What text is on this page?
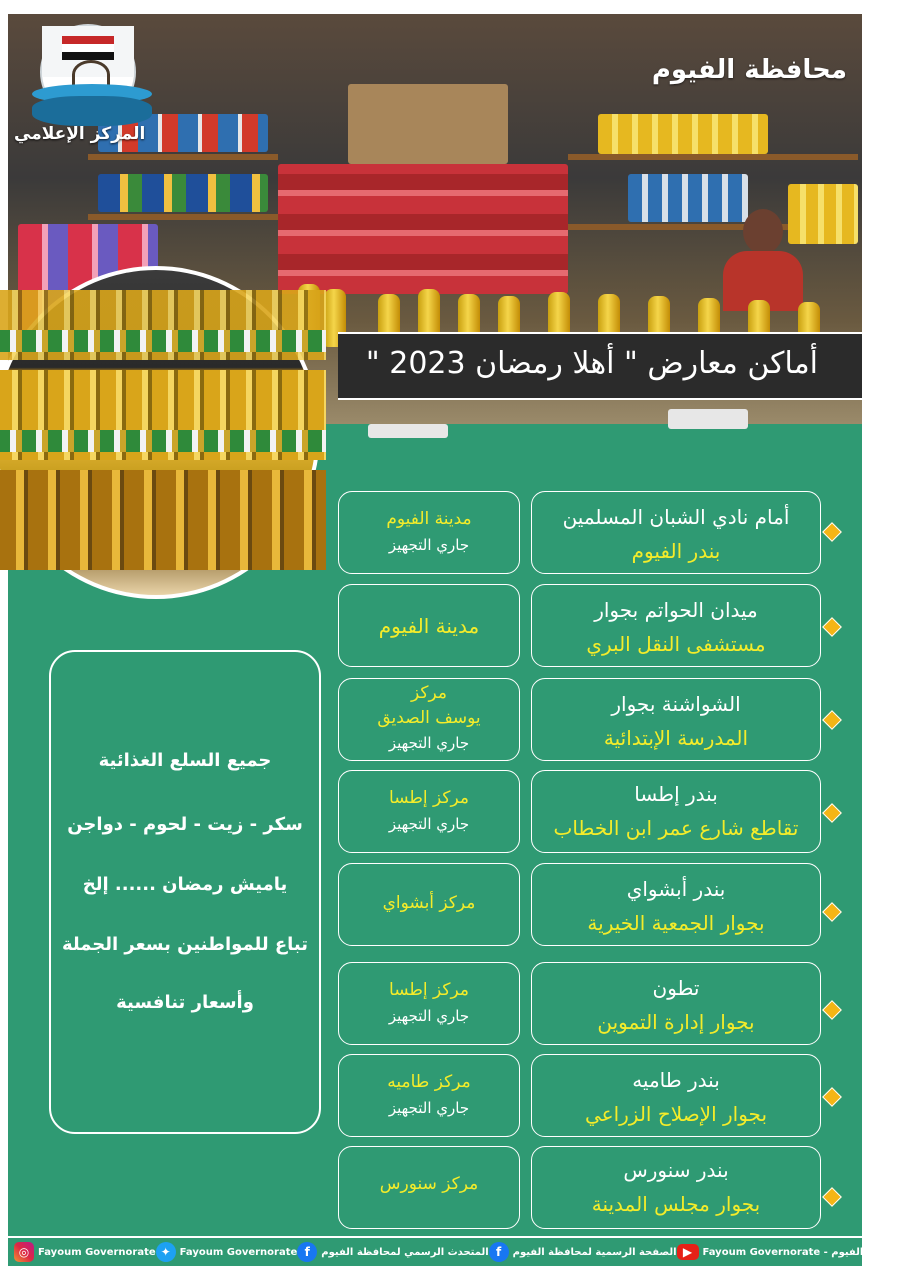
المركز الإعلامي
محافظة الفيوم
أماكن معارض " أهلا رمضان 2023 "
أمام نادي الشبان المسلمين
بندر الفيوم
مدينة الفيوم
جاري التجهيز
ميدان الحواتم بجوار
مستشفى النقل البري
مدينة الفيوم
الشواشنة بجوار
المدرسة الإبتدائية
مركز
يوسف الصديق
جاري التجهيز
بندر إطسا
تقاطع شارع عمر ابن الخطاب
مركز إطسا
جاري التجهيز
بندر أبشواي
بجوار الجمعية الخيرية
مركز أبشواي
تطون
بجوار إدارة التموين
مركز إطسا
جاري التجهيز
بندر طاميه
بجوار الإصلاح الزراعي
مركز طاميه
جاري التجهيز
بندر سنورس
بجوار مجلس المدينة
مركز سنورس
جميع السلع الغذائية
سكر - زيت - لحوم - دواجن
ياميش رمضان ...... إلخ
تباع للمواطنين بسعر الجملة
وأسعار تنافسية
◎ Fayoum Governorate ✦ Fayoum Governorate f	المتحدث الرسمي لمحافظة الفيوم f	الصفحة الرسمية لمحافظة الفيوم ▶	Fayoum Governorate - محافظة الفيوم
